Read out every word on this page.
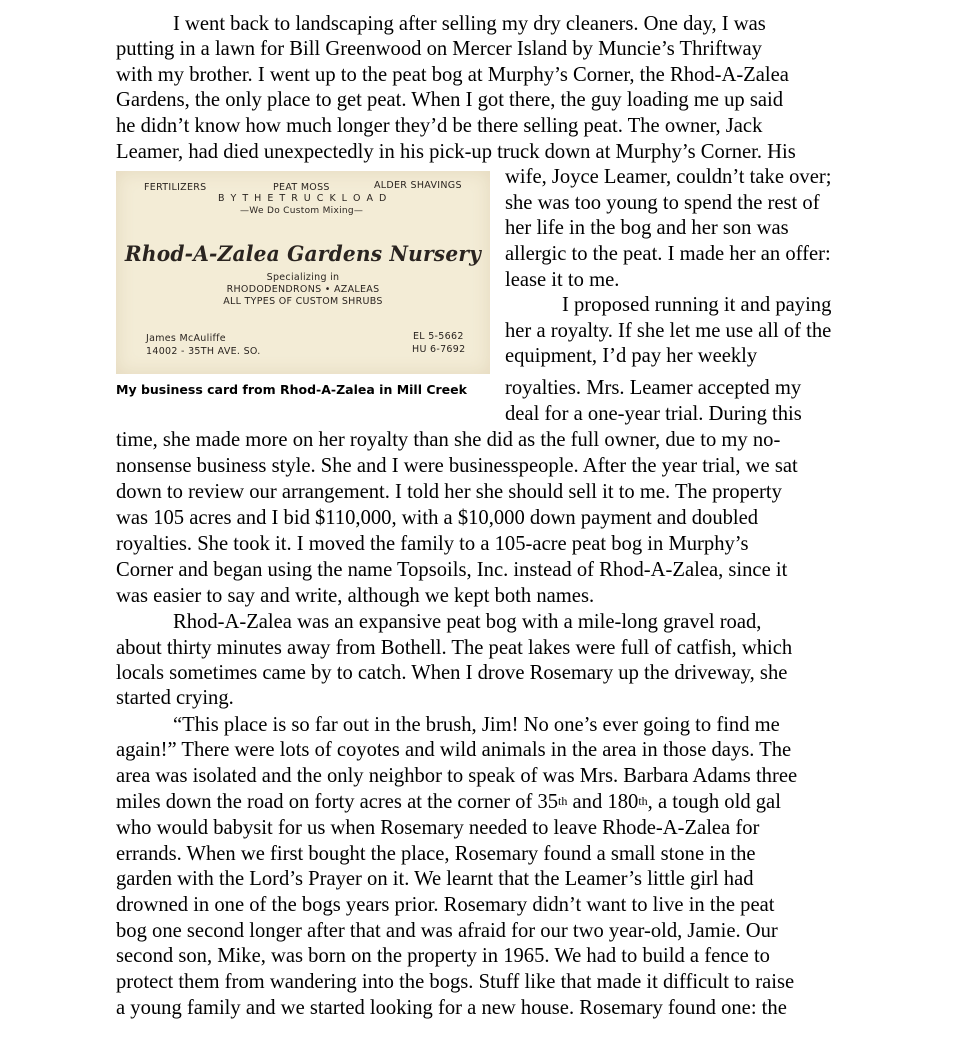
I went back to landscaping after selling my dry cleaners. One day, I was
putting in a lawn for Bill Greenwood on Mercer Island by Muncie’s Thriftway
with my brother. I went up to the peat bog at Murphy’s Corner, the Rhod-A-Zalea
Gardens, the only place to get peat. When I got there, the guy loading me up said
he didn’t know how much longer they’d be there selling peat. The owner, Jack
Leamer, had died unexpectedly in his pick-up truck down at Murphy’s Corner. His
FERTILIZERS	PEAT MOSS	ALDER SHAVINGS
B Y T H E T R U C K L O A D
—We Do Custom Mixing—
Rhod-A-Zalea Gardens Nursery
Specializing in
RHODODENDRONS • AZALEAS
ALL TYPES OF CUSTOM SHRUBS
James McAuliffe
14002 - 35TH AVE. SO.
EL 5-5662
HU 6-7692
My business card from Rhod-A-Zalea in Mill Creek
wife, Joyce Leamer, couldn’t take over;
she was too young to spend the rest of
her life in the bog and her son was
allergic to the peat. I made her an offer:
lease it to me.
I proposed running it and paying
her a royalty. If she let me use all of the
equipment, I’d pay her weekly
royalties. Mrs. Leamer accepted my
deal for a one-year trial. During this
time, she made more on her royalty than she did as the full owner, due to my no-
nonsense business style. She and I were businesspeople. After the year trial, we sat
down to review our arrangement. I told her she should sell it to me. The property
was 105 acres and I bid $110,000, with a $10,000 down payment and doubled
royalties. She took it. I moved the family to a 105-acre peat bog in Murphy’s
Corner and began using the name Topsoils, Inc. instead of Rhod-A-Zalea, since it
was easier to say and write, although we kept both names.
Rhod-A-Zalea was an expansive peat bog with a mile-long gravel road,
about thirty minutes away from Bothell. The peat lakes were full of catfish, which
locals sometimes came by to catch. When I drove Rosemary up the driveway, she
started crying.
“This place is so far out in the brush, Jim! No one’s ever going to find me
again!” There were lots of coyotes and wild animals in the area in those days. The
area was isolated and the only neighbor to speak of was Mrs. Barbara Adams three
miles down the road on forty acres at the corner of 35th and 180th, a tough old gal
who would babysit for us when Rosemary needed to leave Rhode-A-Zalea for
errands. When we first bought the place, Rosemary found a small stone in the
garden with the Lord’s Prayer on it. We learnt that the Leamer’s little girl had
drowned in one of the bogs years prior. Rosemary didn’t want to live in the peat
bog one second longer after that and was afraid for our two year-old, Jamie. Our
second son, Mike, was born on the property in 1965. We had to build a fence to
protect them from wandering into the bogs. Stuff like that made it difficult to raise
a young family and we started looking for a new house. Rosemary found one: the
